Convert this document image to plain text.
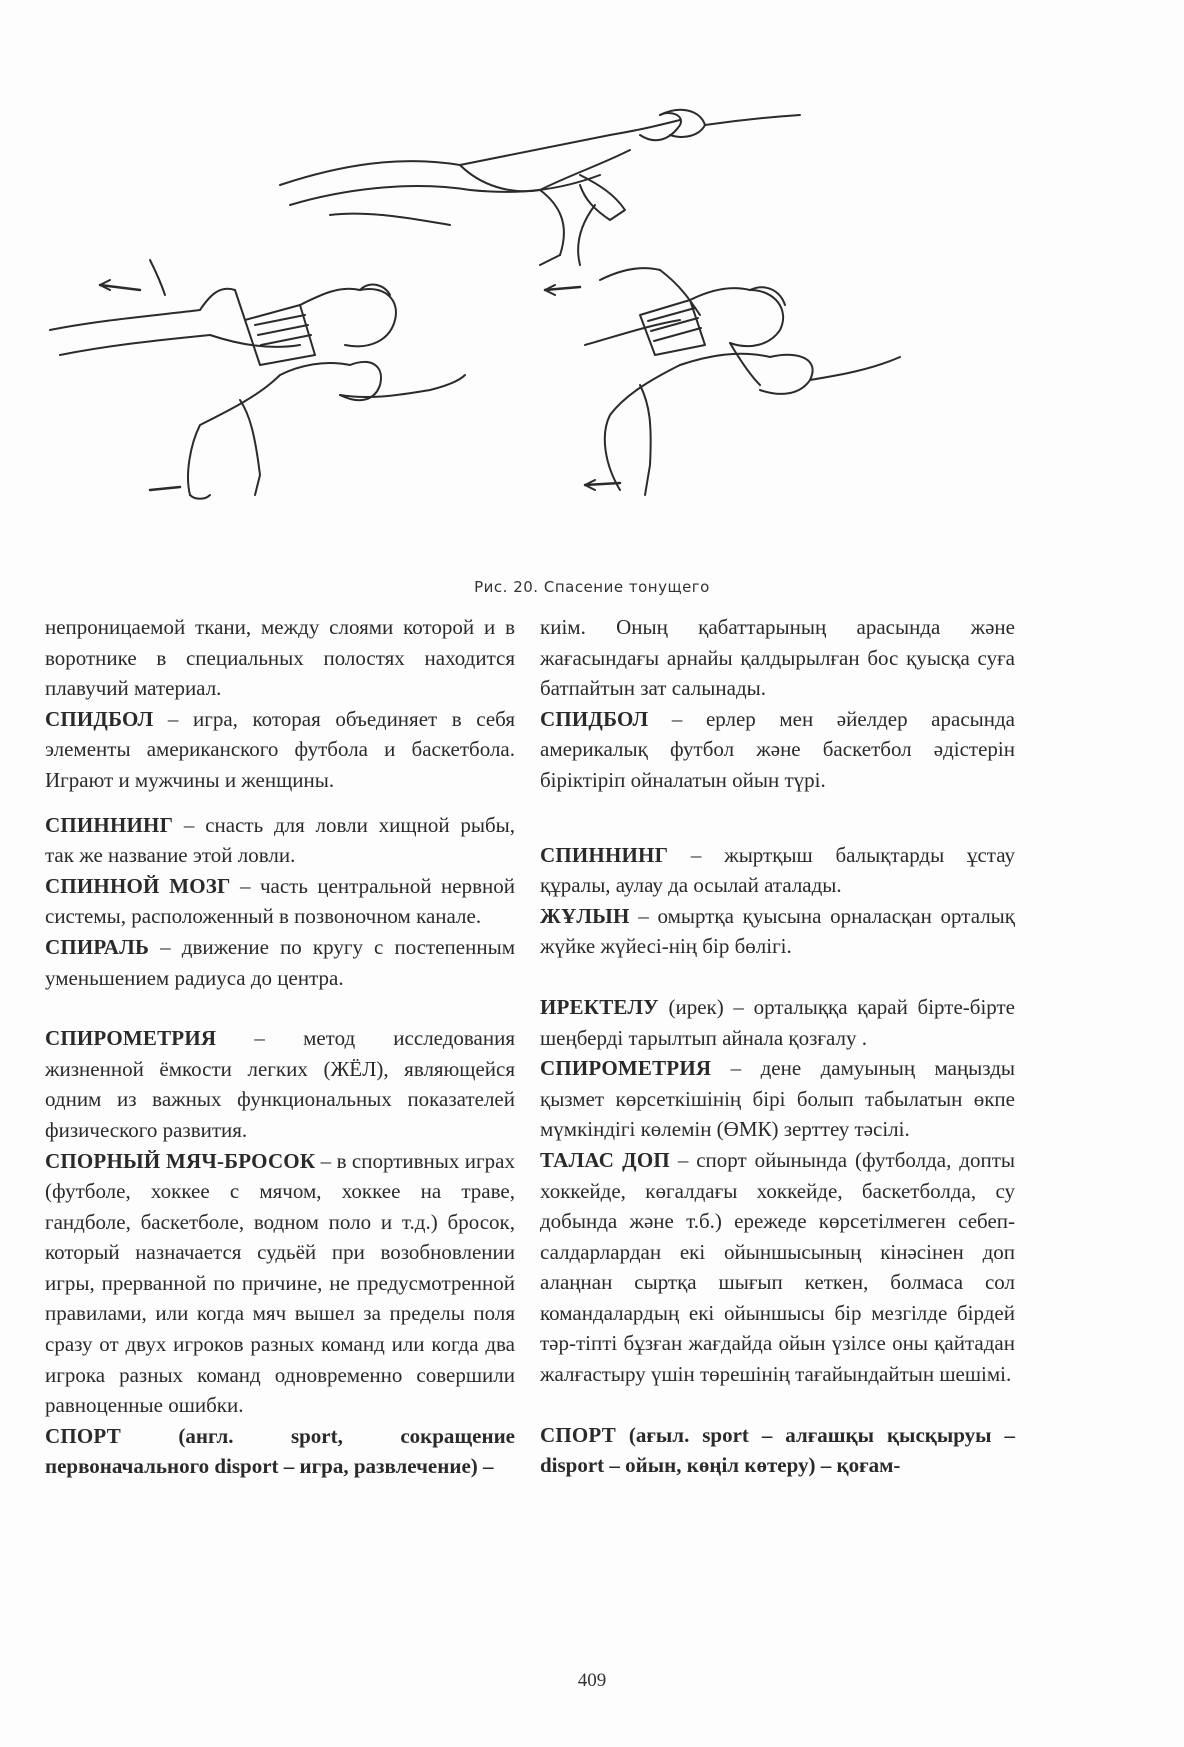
Рис. 20. Спасение тонущего

непроницаемой ткани, между слоями которой и в воротнике в специальных полостях находится плавучий материал.

СПИДБОЛ – игра, которая объединяет в себя элементы американского футбола и баскетбола. Играют и мужчины и женщины.

СПИННИНГ – снасть для ловли хищной рыбы, так же название этой ловли.

СПИННОЙ МОЗГ – часть центральной нервной системы, расположенный в позвоночном канале.

СПИРАЛЬ – движение по кругу с постепенным уменьшением радиуса до центра.

СПИРОМЕТРИЯ – метод исследования жизненной ёмкости легких (ЖЁЛ), являющейся одним из важных функциональных показателей физического развития.

СПОРНЫЙ МЯЧ-БРОСОК – в спортивных играх (футболе, хоккее с мячом, хоккее на траве, гандболе, баскетболе, водном поло и т.д.) бросок, который назначается судьёй при возобновлении игры, прерванной по причине, не предусмотренной правилами, или когда мяч вышел за пределы поля сразу от двух игроков разных команд или когда два игрока разных команд одновременно совершили равноценные ошибки.

СПОРТ (англ. sport, сокращение первоначального disport – игра, развлечение) –

киім. Оның қабаттарының арасында және жағасындағы арнайы қалдырылған бос қуысқа суға батпайтын зат салынады.

СПИДБОЛ – ерлер мен әйелдер арасында америкалық футбол және баскетбол әдістерін біріктіріп ойналатын ойын түрі.

СПИННИНГ – жыртқыш балықтарды ұстау құралы, аулау да осылай аталады.

ЖҰЛЫН – омыртқа қуысына орналасқан орталық жүйке жүйесі-нің бір бөлігі.

ИРЕКТЕЛУ (ирек) – орталыққа қарай бірте-бірте шеңберді тарылтып айнала қозғалу .

СПИРОМЕТРИЯ – дене дамуының маңызды қызмет көрсеткішінің бірі болып табылатын өкпе мүмкіндігі көлемін (ӨМК) зерттеу тәсілі.

ТАЛАС ДОП – спорт ойынында (футболда, допты хоккейде, көгалдағы хоккейде, баскетболда, су добында және т.б.) ережеде көрсетілмеген себеп-салдарлардан екі ойыншысының кінәсінен доп алаңнан сыртқа шығып кеткен, болмаса сол командалардың екі ойыншысы бір мезгілде бірдей тәр-тіпті бұзған жағдайда ойын үзілсе оны қайтадан жалғастыру үшін төрешінің тағайындайтын шешімі.

СПОРТ (ағыл. sport – алғашқы қысқыруы – disport – ойын, көңіл көтеру) – қоғам-

409
